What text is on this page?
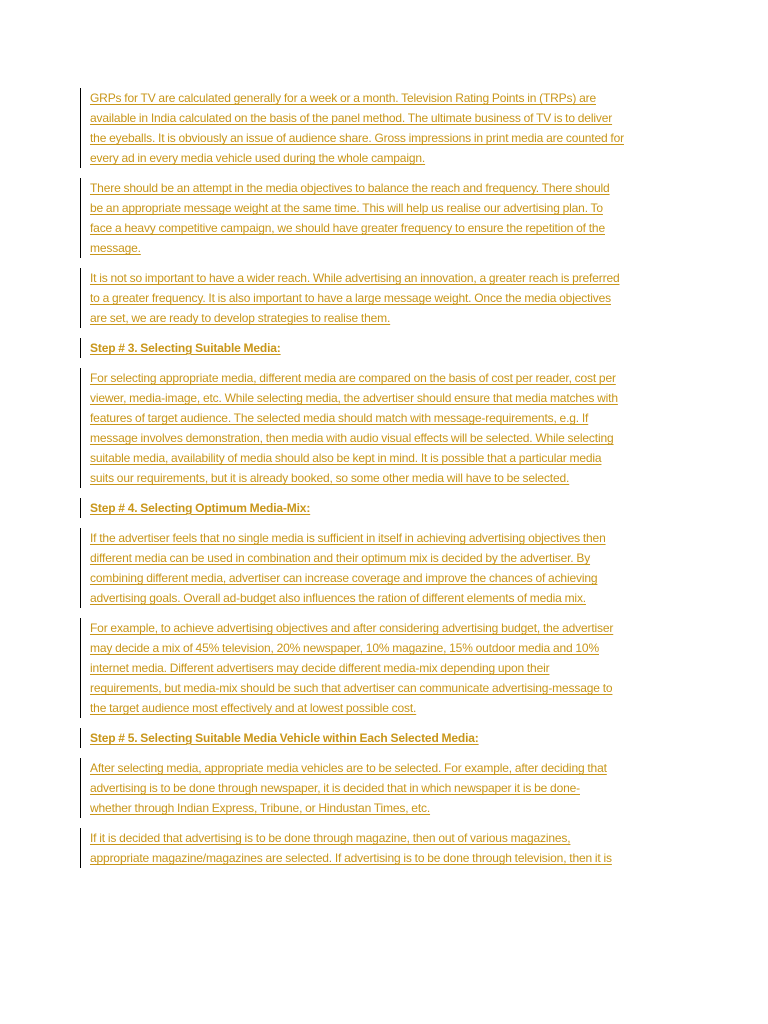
GRPs for TV are calculated generally for a week or a month. Television Rating Points in (TRPs) are
available in India calculated on the basis of the panel method. The ultimate business of TV is to deliver
the eyeballs. It is obviously an issue of audience share. Gross impressions in print media are counted for
every ad in every media vehicle used during the whole campaign.

There should be an attempt in the media objectives to balance the reach and frequency. There should
be an appropriate message weight at the same time. This will help us realise our advertising plan. To
face a heavy competitive campaign, we should have greater frequency to ensure the repetition of the
message.

It is not so important to have a wider reach. While advertising an innovation, a greater reach is preferred
to a greater frequency. It is also important to have a large message weight. Once the media objectives
are set, we are ready to develop strategies to realise them.

Step # 3. Selecting Suitable Media:

For selecting appropriate media, different media are compared on the basis of cost per reader, cost per
viewer, media-image, etc. While selecting media, the advertiser should ensure that media matches with
features of target audience. The selected media should match with message-requirements, e.g. If
message involves demonstration, then media with audio visual effects will be selected. While selecting
suitable media, availability of media should also be kept in mind. It is possible that a particular media
suits our requirements, but it is already booked, so some other media will have to be selected.

Step # 4. Selecting Optimum Media-Mix:

If the advertiser feels that no single media is sufficient in itself in achieving advertising objectives then
different media can be used in combination and their optimum mix is decided by the advertiser. By
combining different media, advertiser can increase coverage and improve the chances of achieving
advertising goals. Overall ad-budget also influences the ration of different elements of media mix.

For example, to achieve advertising objectives and after considering advertising budget, the advertiser
may decide a mix of 45% television, 20% newspaper, 10% magazine, 15% outdoor media and 10%
internet media. Different advertisers may decide different media-mix depending upon their
requirements, but media-mix should be such that advertiser can communicate advertising-message to
the target audience most effectively and at lowest possible cost.

Step # 5. Selecting Suitable Media Vehicle within Each Selected Media:

After selecting media, appropriate media vehicles are to be selected. For example, after deciding that
advertising is to be done through newspaper, it is decided that in which newspaper it is be done-
whether through Indian Express, Tribune, or Hindustan Times, etc.

If it is decided that advertising is to be done through magazine, then out of various magazines,
appropriate magazine/magazines are selected. If advertising is to be done through television, then it is
